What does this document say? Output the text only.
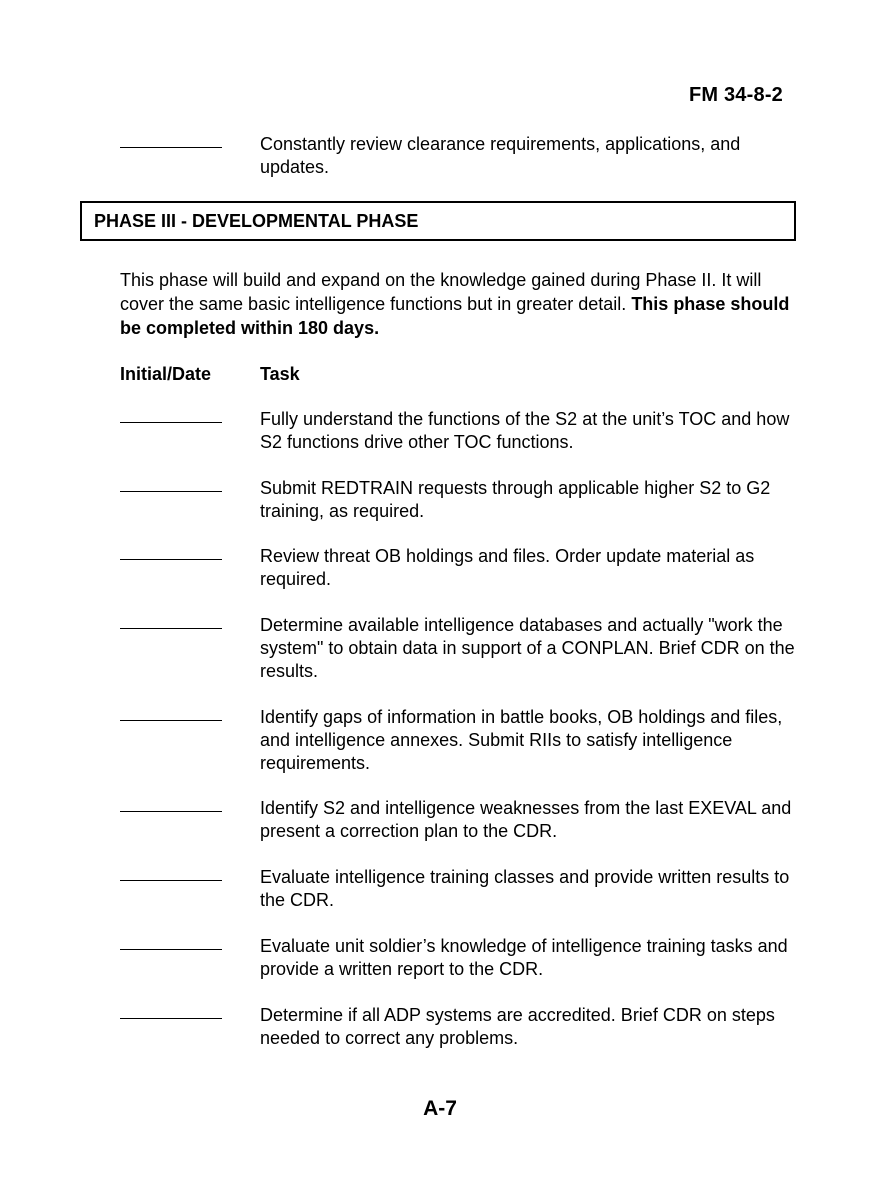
FM 34-8-2
Constantly review clearance requirements, applications, and updates.
PHASE III - DEVELOPMENTAL PHASE
This phase will build and expand on the knowledge gained during Phase II. It will cover the same basic intelligence functions but in greater detail. This phase should be completed within 180 days.
Initial/Date	Task
Fully understand the functions of the S2 at the unit’s TOC and how S2 functions drive other TOC functions.
Submit REDTRAIN requests through applicable higher S2 to G2 training, as required.
Review threat OB holdings and files. Order update material as required.
Determine available intelligence databases and actually "work the system" to obtain data in support of a CONPLAN. Brief CDR on the results.
Identify gaps of information in battle books, OB holdings and files, and intelligence annexes. Submit RIIs to satisfy intelligence requirements.
Identify S2 and intelligence weaknesses from the last EXEVAL and present a correction plan to the CDR.
Evaluate intelligence training classes and provide written results to the CDR.
Evaluate unit soldier’s knowledge of intelligence training tasks and provide a written report to the CDR.
Determine if all ADP systems are accredited. Brief CDR on steps needed to correct any problems.
A-7
